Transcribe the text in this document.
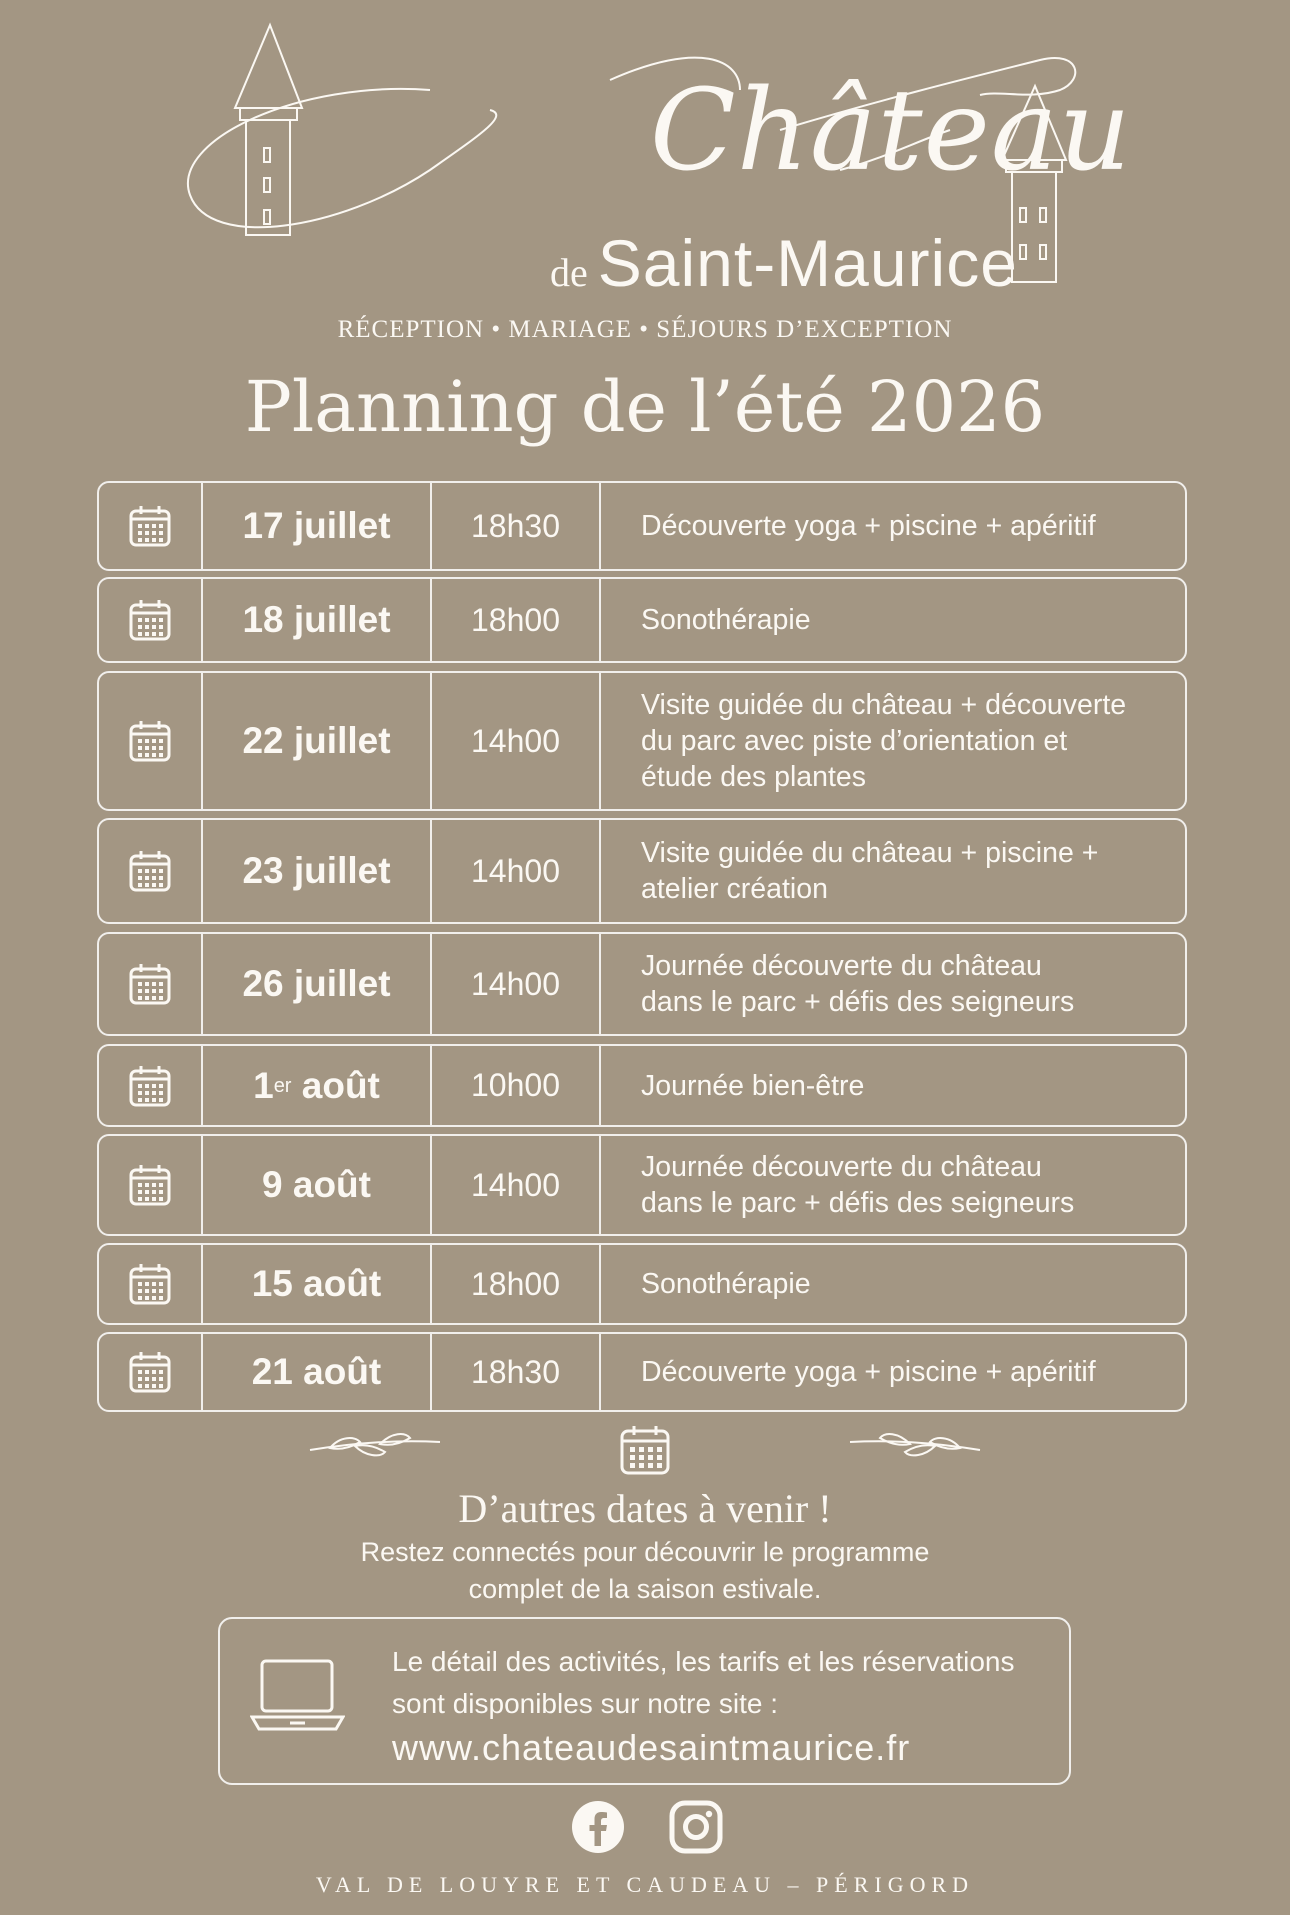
Château
de Saint-Maurice
RÉCEPTION • MARIAGE • SÉJOURS D’EXCEPTION
Planning de l’été 2026
17 juillet	18h30	Découverte yoga + piscine + apéritif
18 juillet	18h00	Sonothérapie
22 juillet	14h00
Visite guidée du château + découverte
du parc avec piste d’orientation et
étude des plantes
23 juillet	14h00	Visite guidée du château + piscine +
atelier création
26 juillet	14h00	Journée découverte du château
dans le parc + défis des seigneurs
1 er août	10h00	Journée bien-être
9 août	14h00	Journée découverte du château
dans le parc + défis des seigneurs
15 août	18h00	Sonothérapie
21 août	18h30	Découverte yoga + piscine + apéritif
D’autres dates à venir !
Restez connectés pour découvrir le programme
complet de la saison estivale.
Le détail des activités, les tarifs et les réservations
sont disponibles sur notre site :
www.chateaudesaintmaurice.fr
VAL DE LOUYRE ET CAUDEAU – PÉRIGORD
